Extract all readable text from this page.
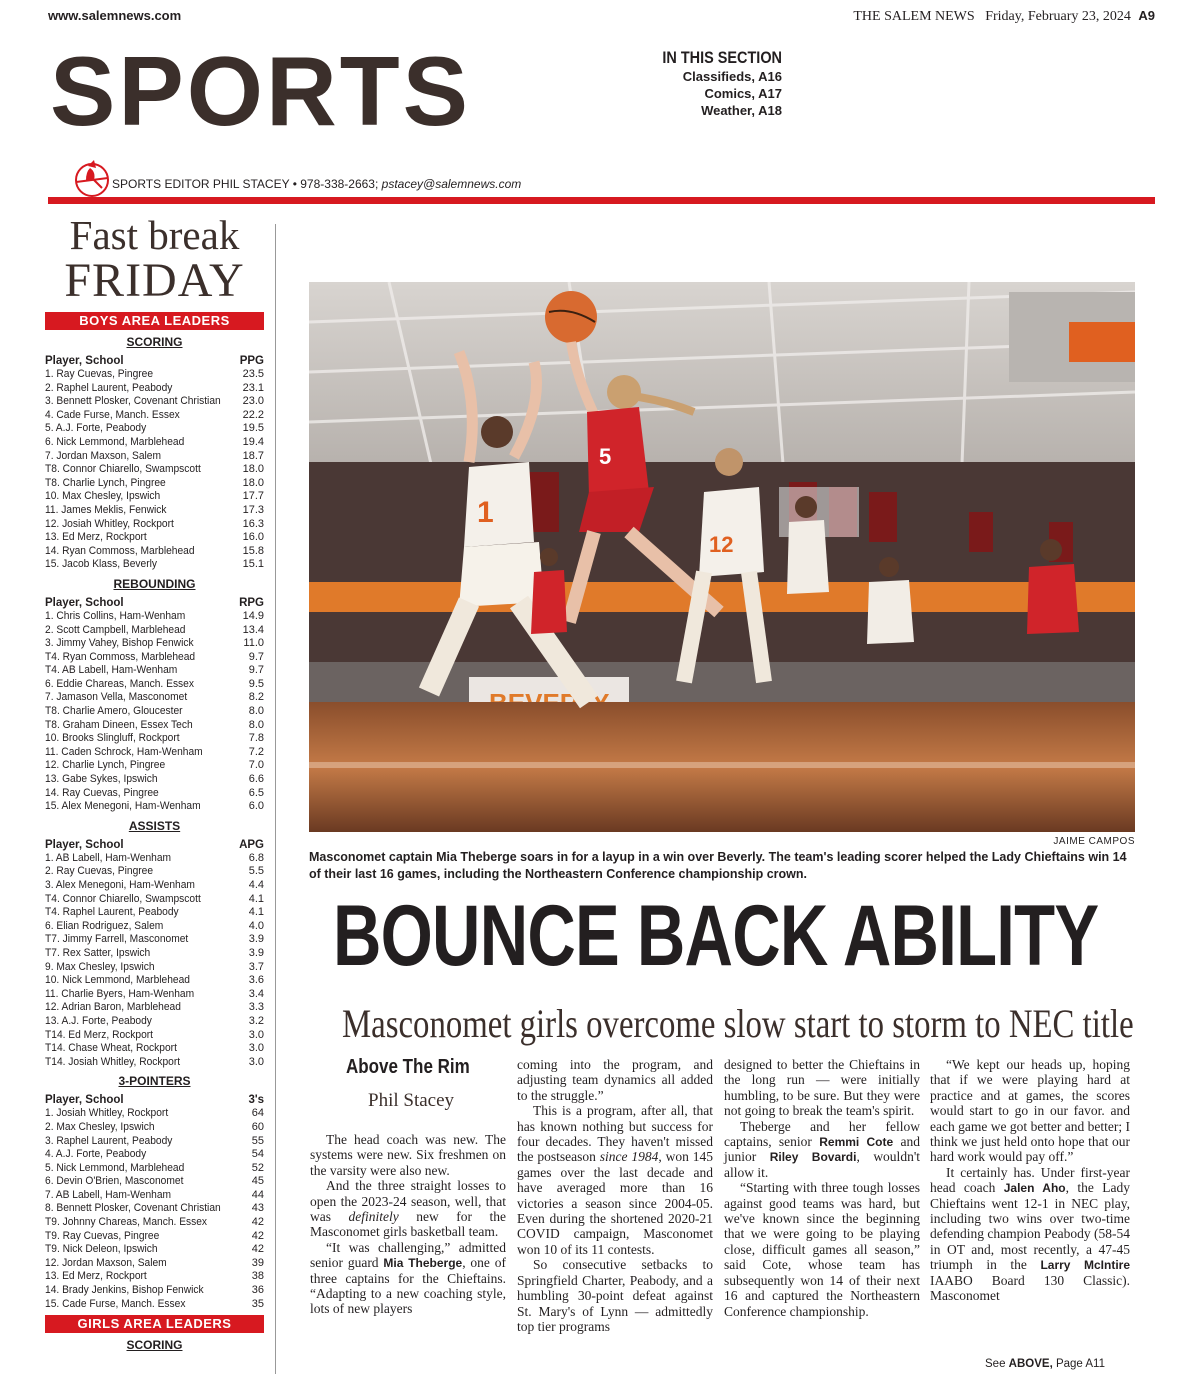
www.salemnews.com	THE SALEM NEWS Friday, February 23, 2024 A9
SPORTS	IN THIS SECTION
Classifieds, A16
Comics, A17
Weather, A18
SPORTS EDITOR PHIL STACEY • 978-338-2663; pstacey@salemnews.com
Fast break
FRIDAY
BOYS AREA LEADERS
SCORING
Player, School	PPG
1. Ray Cuevas, Pingree	23.5
2. Raphel Laurent, Peabody	23.1
3. Bennett Plosker, Covenant Christian 23.0
4. Cade Furse, Manch. Essex	22.2
5. A.J. Forte, Peabody	19.5
6. Nick Lemmond, Marblehead	19.4
7. Jordan Maxson, Salem	18.7
T8. Connor Chiarello, Swampscott	18.0
T8. Charlie Lynch, Pingree	18.0
10. Max Chesley, Ipswich	17.7
11. James Meklis, Fenwick	17.3
12. Josiah Whitley, Rockport	16.3
13. Ed Merz, Rockport	16.0
14. Ryan Commoss, Marblehead	15.8
15. Jacob Klass, Beverly	15.1
REBOUNDING
Player, School	RPG
1. Chris Collins, Ham-Wenham	14.9
2. Scott Campbell, Marblehead	13.4
3. Jimmy Vahey, Bishop Fenwick	11.0
T4. Ryan Commoss, Marblehead	9.7
T4. AB Labell, Ham-Wenham	9.7
6. Eddie Chareas, Manch. Essex	9.5
7. Jamason Vella, Masconomet	8.2
T8. Charlie Amero, Gloucester	8.0
T8. Graham Dineen, Essex Tech	8.0
10. Brooks Slingluff, Rockport	7.8
11. Caden Schrock, Ham-Wenham	7.2
12. Charlie Lynch, Pingree	7.0
13. Gabe Sykes, Ipswich	6.6
14. Ray Cuevas, Pingree	6.5
15. Alex Menegoni, Ham-Wenham	6.0
ASSISTS
Player, School	APG
1. AB Labell, Ham-Wenham	6.8
2. Ray Cuevas, Pingree	5.5
3. Alex Menegoni, Ham-Wenham	4.4
T4. Connor Chiarello, Swampscott	4.1
T4. Raphel Laurent, Peabody	4.1
6. Elian Rodriguez, Salem	4.0
T7. Jimmy Farrell, Masconomet	3.9
T7. Rex Satter, Ipswich	3.9
9. Max Chesley, Ipswich	3.7
10. Nick Lemmond, Marblehead	3.6
11. Charlie Byers, Ham-Wenham	3.4
12. Adrian Baron, Marblehead	3.3
13. A.J. Forte, Peabody	3.2
T14. Ed Merz, Rockport	3.0
T14. Chase Wheat, Rockport	3.0
T14. Josiah Whitley, Rockport	3.0
3-POINTERS
Player, School	3's
1. Josiah Whitley, Rockport	64
2. Max Chesley, Ipswich	60
3. Raphel Laurent, Peabody	55
4. A.J. Forte, Peabody	54
5. Nick Lemmond, Marblehead	52
6. Devin O'Brien, Masconomet	45
7. AB Labell, Ham-Wenham	44
8. Bennett Plosker, Covenant Christian	43
T9. Johnny Chareas, Manch. Essex	42
T9. Ray Cuevas, Pingree	42
T9. Nick Deleon, Ipswich	42
12. Jordan Maxson, Salem	39
13. Ed Merz, Rockport	38
14. Brady Jenkins, Bishop Fenwick	36
15. Cade Furse, Manch. Essex	35
GIRLS AREA LEADERS
SCORING
1
5
12
JAIME CAMPOS
Masconomet captain Mia Theberge soars in for a layup in a win over Beverly. The team's leading scorer helped the Lady Chieftains win 14 of their last 16 games, including the Northeastern Conference championship crown.
BOUNCE BACK ABILITY
Masconomet girls overcome slow start to storm to NEC title
Above The Rim
Phil Stacey

The head coach was new. The systems were new. Six freshmen on the varsity were also new.

And the three straight losses to open the 2023-24 season, well, that was definitely new for the Masconomet girls basketball team.

“It was challenging,” admitted senior guard Mia Theberge, one of three captains for the Chieftains. “Adapting to a new coaching style, lots of new players

coming into the program, and adjusting team dynamics all added to the struggle.”

This is a program, after all, that has known nothing but success for four decades. They haven't missed the postseason since 1984, won 145 games over the last decade and have averaged more than 16 victories a season since 2004-05. Even during the shortened 2020-21 COVID campaign, Masconomet won 10 of its 11 contests.

So consecutive setbacks to Springfield Charter, Peabody, and a humbling 30-point defeat against St. Mary's of Lynn — admittedly top tier programs

designed to better the Chieftains in the long run — were initially humbling, to be sure. But they were not going to break the team's spirit.

Theberge and her fellow captains, senior Remmi Cote and junior Riley Bovardi, wouldn't allow it.

“Starting with three tough losses against good teams was hard, but we've known since the beginning that we were going to be playing close, difficult games all season,” said Cote, whose team has subsequently won 14 of their next 16 and captured the Northeastern Conference championship.

“We kept our heads up, hoping that if we were playing hard at practice and at games, the scores would start to go in our favor. and each game we got better and better; I think we just held onto hope that our hard work would pay off.”

It certainly has. Under first-year head coach Jalen Aho, the Lady Chieftains went 12-1 in NEC play, including two wins over two-time defending champion Peabody (58-54 in OT and, most recently, a 47-45 triumph in the Larry McIntire IAABO Board 130 Classic). Masconomet

See ABOVE, Page A11
